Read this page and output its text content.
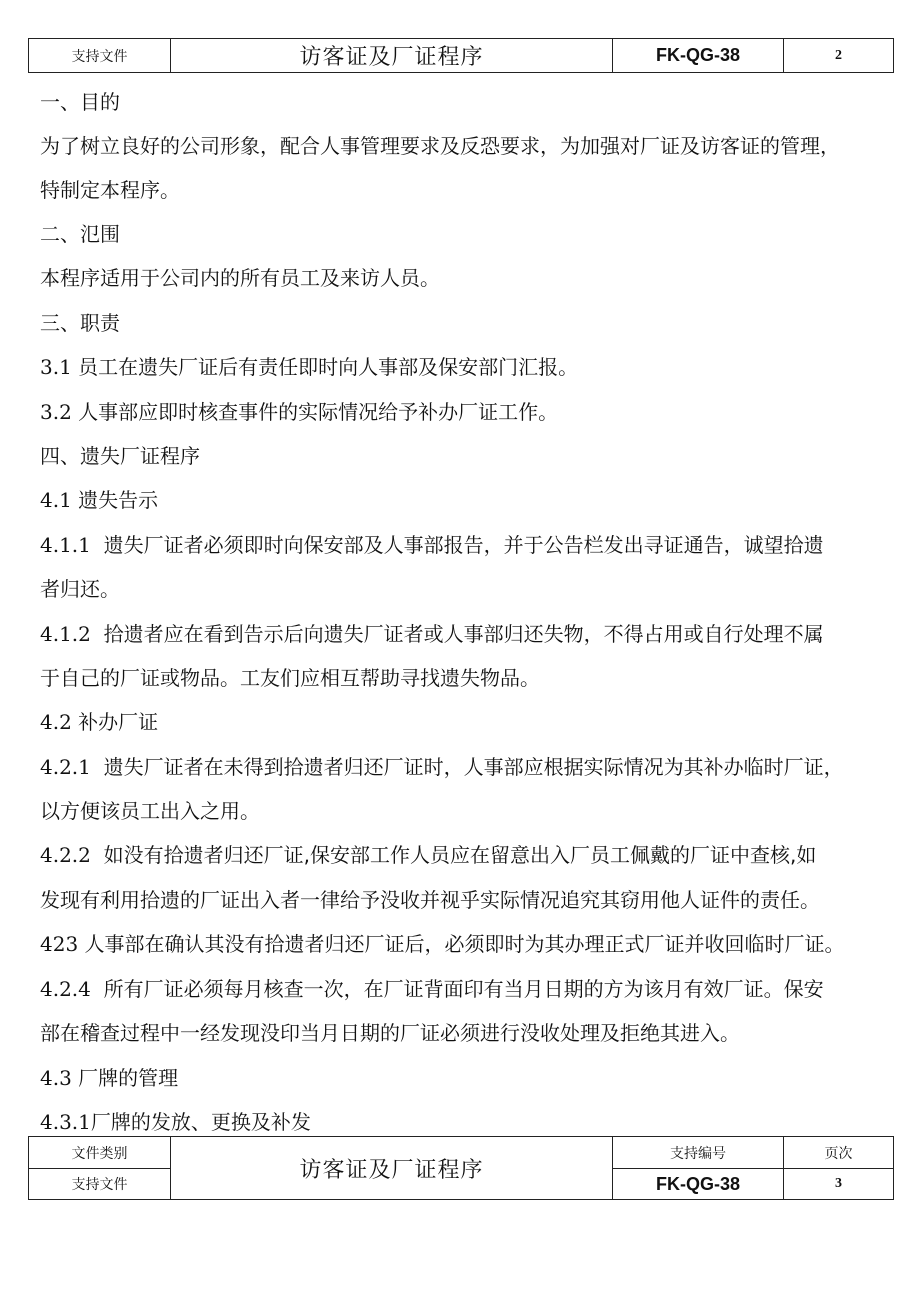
支持文件	访客证及厂证程序	FK-QG-38	2
一、目的
为了树立良好的公司形象，配合人事管理要求及反恐要求，为加强对厂证及访客证的管理，
特制定本程序。
二、氾围
本程序适用于公司内的所有员工及来访人员。
三、职责
3.1 员工在遗失厂证后有责任即时向人事部及保安部门汇报。
3.2 人事部应即时核查事件的实际情况给予补办厂证工作。
四、遗失厂证程序
4.1 遗失告示
4.1.1 遗失厂证者必须即时向保安部及人事部报告，并于公告栏发出寻证通告，诚望拾遗
者归还。
4.1.2 拾遗者应在看到告示后向遗失厂证者或人事部归还失物，不得占用或自行处理不属
于自己的厂证或物品。工友们应相互帮助寻找遗失物品。
4.2 补办厂证
4.2.1 遗失厂证者在未得到拾遗者归还厂证时，人事部应根据实际情况为其补办临时厂证，
以方便该员工出入之用。
4.2.2 如没有拾遗者归还厂证,保安部工作人员应在留意出入厂员工佩戴的厂证中查核,如
发现有利用拾遗的厂证出入者一律给予没收并视乎实际情况追究其窃用他人证件的责任。
423 人事部在确认其没有拾遗者归还厂证后，必须即时为其办理正式厂证并收回临时厂证。
4.2.4 所有厂证必须每月核查一次，在厂证背面印有当月日期的方为该月有效厂证。保安
部在稽查过程中一经发现没印当月日期的厂证必须进行没收处理及拒绝其进入。
4.3 厂牌的管理
4.3.1厂牌的发放、更换及补发
文件类别	访客证及厂证程序	支持编号	页次
支持文件		FK-QG-38	3
